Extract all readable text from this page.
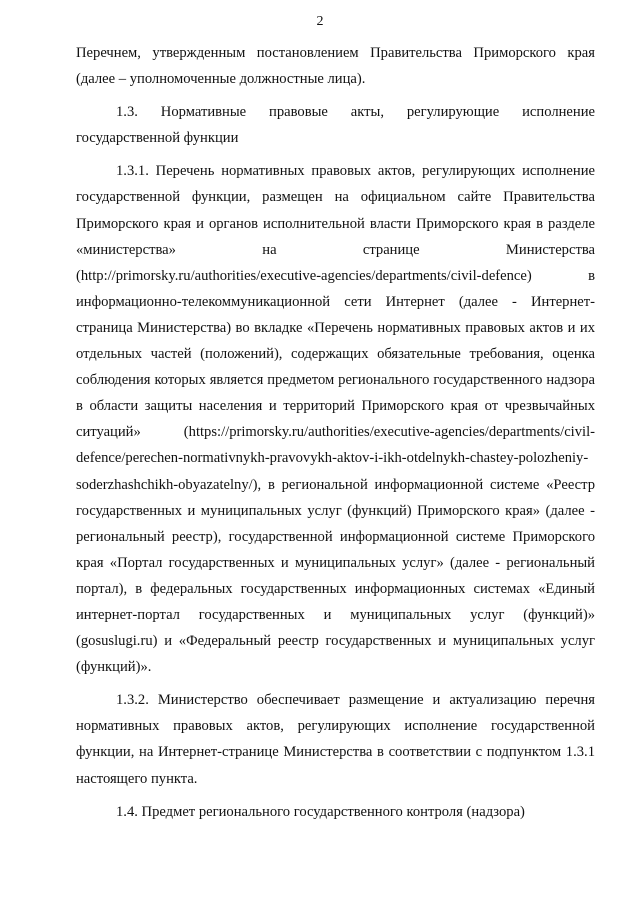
2

Перечнем, утвержденным постановлением Правительства Приморского края (далее – уполномоченные должностные лица).

1.3. Нормативные правовые акты, регулирующие исполнение государственной функции

1.3.1. Перечень нормативных правовых актов, регулирующих исполнение государственной функции, размещен на официальном сайте Правительства Приморского края и органов исполнительной власти Приморского края в разделе «министерства» на странице Министерства (http://primorsky.ru/authorities/executive-agencies/departments/civil-defence) в информационно-телекоммуникационной сети Интернет (далее - Интернет-страница Министерства) во вкладке «Перечень нормативных правовых актов и их отдельных частей (положений), содержащих обязательные требования, оценка соблюдения которых является предметом регионального государственного надзора в области защиты населения и территорий Приморского края от чрезвычайных ситуаций» (https://primorsky.ru/authorities/executive-agencies/departments/civil-defence/perechen-normativnykh-pravovykh-aktov-i-ikh-otdelnykh-chastey-polozheniy-soderzhashchikh-obyazatelny/), в региональной информационной системе «Реестр государственных и муниципальных услуг (функций) Приморского края» (далее - региональный реестр), государственной информационной системе Приморского края «Портал государственных и муниципальных услуг» (далее - региональный портал), в федеральных государственных информационных системах «Единый интернет-портал государственных и муниципальных услуг (функций)» (gosuslugi.ru) и «Федеральный реестр государственных и муниципальных услуг (функций)».

1.3.2. Министерство обеспечивает размещение и актуализацию перечня нормативных правовых актов, регулирующих исполнение государственной функции, на Интернет-странице Министерства в соответствии с подпунктом 1.3.1 настоящего пункта.

1.4. Предмет регионального государственного контроля (надзора)
